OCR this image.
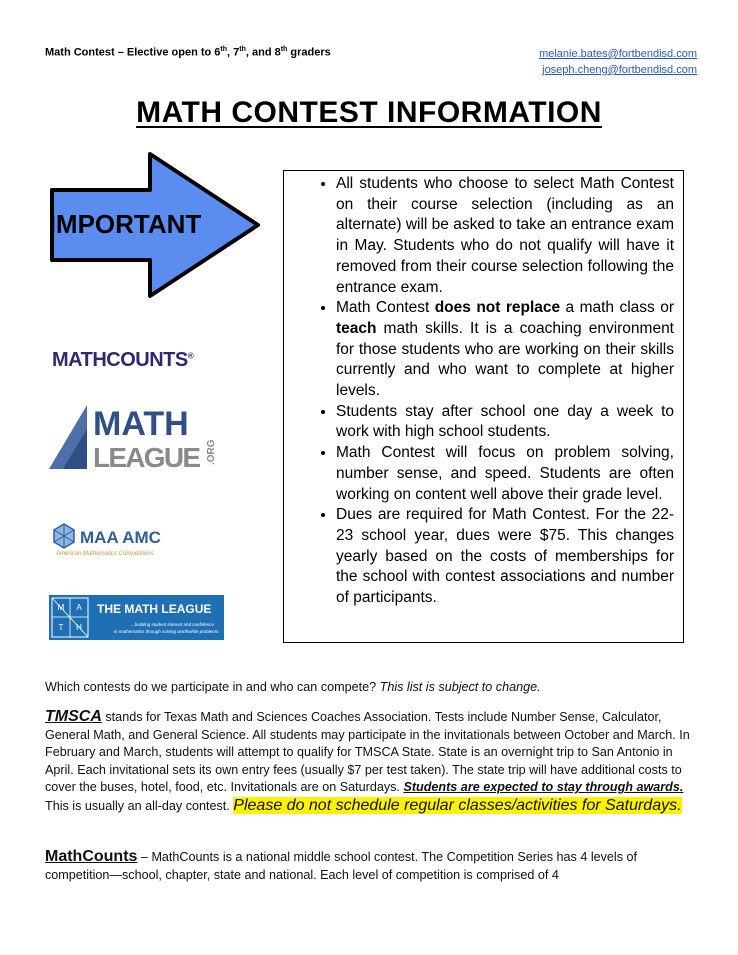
Math Contest – Elective open to 6th, 7th, and 8th graders	melanie.bates@fortbendisd.com
joseph.cheng@fortbendisd.com
MATH CONTEST INFORMATION
IMPORTANT
• All students who choose to select Math Contest on their course selection (including as an alternate) will be asked to take an entrance exam in May. Students who do not qualify will have it removed from their course selection following the entrance exam.
• Math Contest does not replace a math class or teach math skills. It is a coaching environment for those students who are working on their skills currently and who want to complete at higher levels.
• Students stay after school one day a week to work with high school students.
• Math Contest will focus on problem solving, number sense, and speed. Students are often working on content well above their grade level.
• Dues are required for Math Contest. For the 22-23 school year, dues were $75. This changes yearly based on the costs of memberships for the school with contest associations and number of participants.
MATHCOUNTS®
MATH
LEAGUE .ORG
MAA AMC
American Mathematics Competitions
M A
T H
THE MATH LEAGUE
...building student interest and confidence
in mathematics through solving worthwhile problems.
Which contests do we participate in and who can compete? This list is subject to change.
TMSCA stands for Texas Math and Sciences Coaches Association. Tests include Number Sense, Calculator, General Math, and General Science. All students may participate in the invitationals between October and March. In February and March, students will attempt to qualify for TMSCA State. State is an overnight trip to San Antonio in April. Each invitational sets its own entry fees (usually $7 per test taken). The state trip will have additional costs to cover the buses, hotel, food, etc. Invitationals are on Saturdays. Students are expected to stay through awards. This is usually an all-day contest. Please do not schedule regular classes/activities for Saturdays.
MathCounts – MathCounts is a national middle school contest. The Competition Series has 4 levels of competition—school, chapter, state and national. Each level of competition is comprised of 4
